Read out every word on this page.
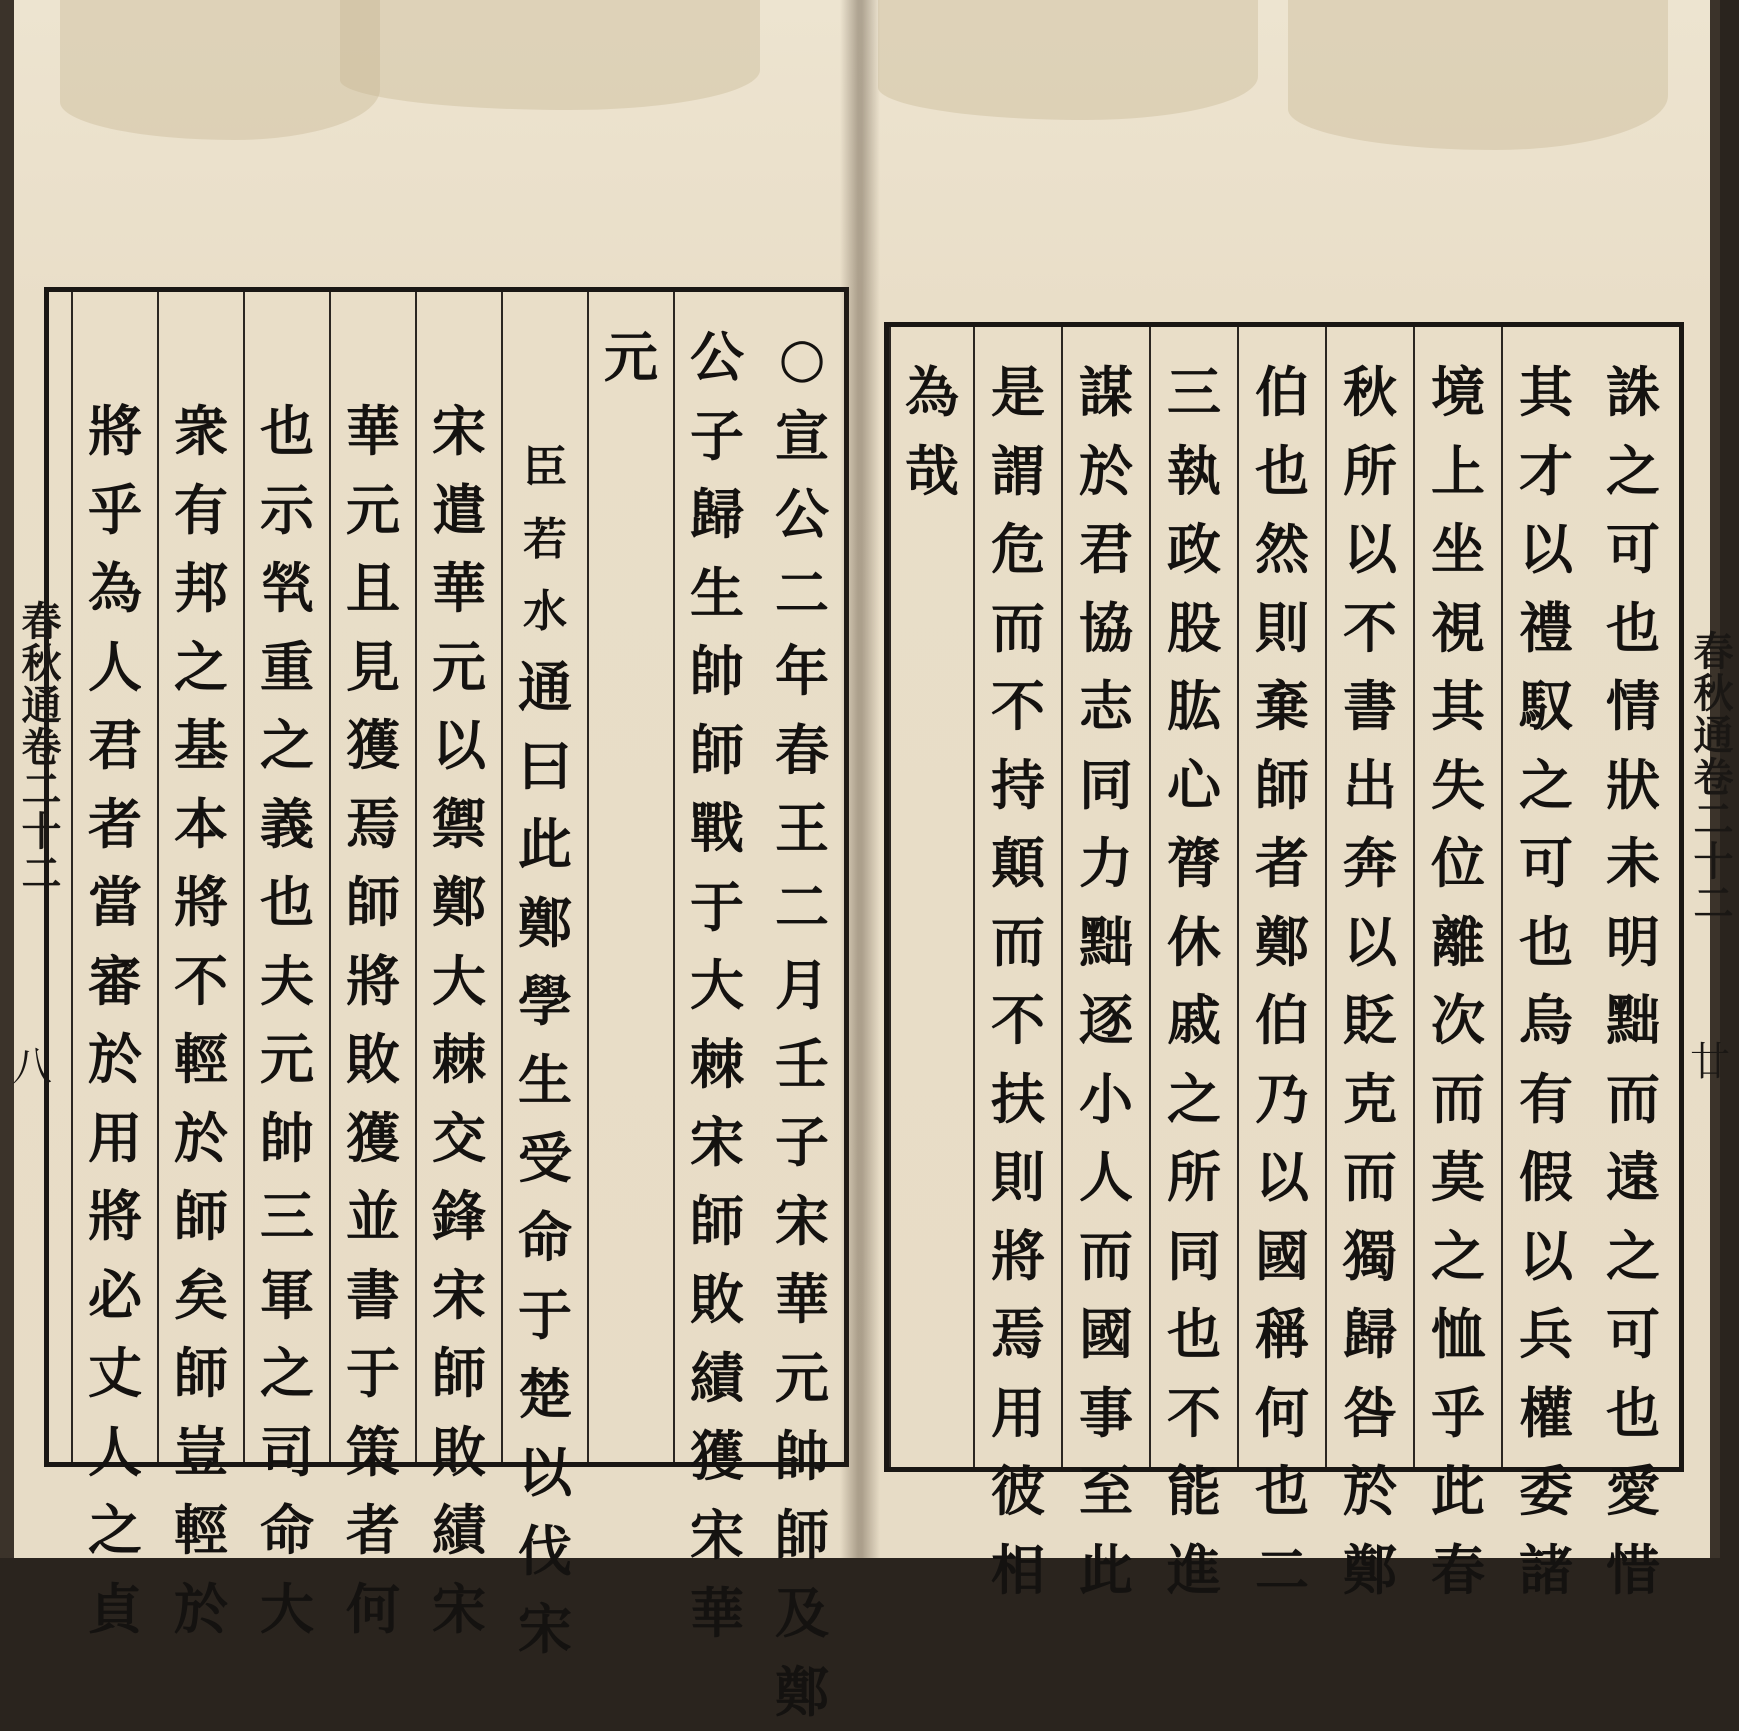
春秋通卷二十二
八
○
宣
公
二
年
春
王
二
月
壬
子
宋
華
元
帥
師
及
鄭
公
子
歸
生
帥
師
戰
于
大
棘
宋
師
敗
績
獲
宋
華
元
臣
若
水
通
曰
此
鄭
學
生
受
命
于
楚
以
伐
宋
宋
遣
華
元
以
禦
鄭
大
棘
交
鋒
宋
師
敗
績
宋
華
元
且
見
獲
焉
師
將
敗
獲
並
書
于
策
者
何
也
示
㷀
重
之
義
也
夫
元
帥
三
軍
之
司
命
大
衆
有
邦
之
基
本
將
不
輕
於
師
矣
師
豈
輕
於
將
乎
為
人
君
者
當
審
於
用
將
必
丈
人
之
貞
春秋通卷二十二
廿
誅
之
可
也
情
狀
未
明
黜
而
遠
之
可
也
愛
惜
其
才
以
禮
馭
之
可
也
烏
有
假
以
兵
權
委
諸
境
上
坐
視
其
失
位
離
次
而
莫
之
恤
乎
此
春
秋
所
以
不
書
出
奔
以
貶
克
而
獨
歸
咎
於
鄭
伯
也
然
則
棄
師
者
鄭
伯
乃
以
國
稱
何
也
二
三
執
政
股
肱
心
膂
休
戚
之
所
同
也
不
能
進
謀
於
君
協
志
同
力
黜
逐
小
人
而
國
事
至
此
是
謂
危
而
不
持
顛
而
不
扶
則
將
焉
用
彼
相
為
哉
